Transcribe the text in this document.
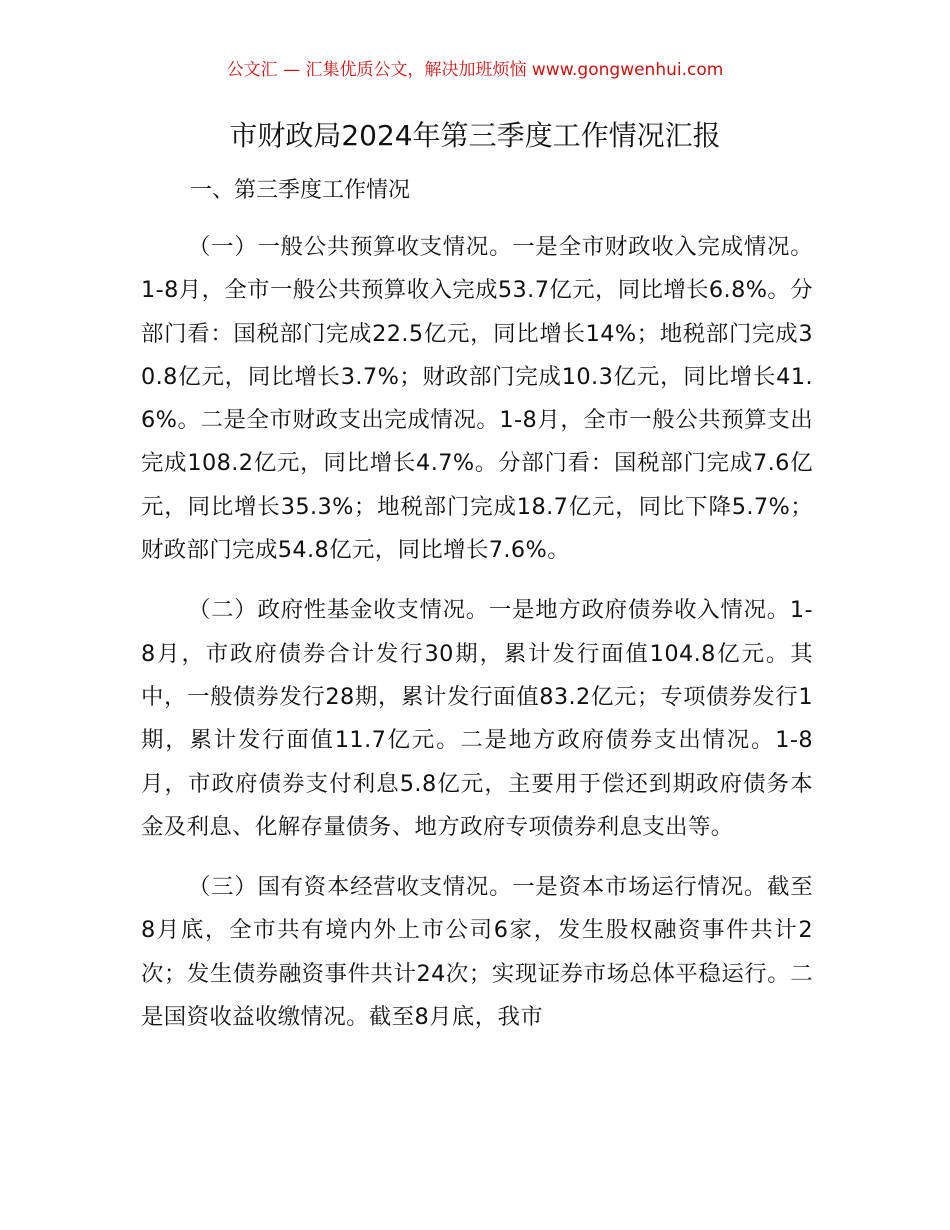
公文汇 — 汇集优质公文，解决加班烦恼 www.gongwenhui.com
市财政局2024年第三季度工作情况汇报
一、第三季度工作情况

（一）一般公共预算收支情况。一是全市财政收入完成情况。1-8月，全市一般公共预算收入完成53.7亿元，同比增长6.8%。分部门看：国税部门完成22.5亿元，同比增长14%；地税部门完成30.8亿元，同比增长3.7%；财政部门完成10.3亿元，同比增长41.6%。二是全市财政支出完成情况。1-8月，全市一般公共预算支出完成108.2亿元，同比增长4.7%。分部门看：国税部门完成7.6亿元，同比增长35.3%；地税部门完成18.7亿元，同比下降5.7%；财政部门完成54.8亿元，同比增长7.6%。

（二）政府性基金收支情况。一是地方政府债券收入情况。1-8月，市政府债券合计发行30期，累计发行面值104.8亿元。其中，一般债券发行28期，累计发行面值83.2亿元；专项债券发行1期，累计发行面值11.7亿元。二是地方政府债券支出情况。1-8月，市政府债券支付利息5.8亿元，主要用于偿还到期政府债务本金及利息、化解存量债务、地方政府专项债券利息支出等。

（三）国有资本经营收支情况。一是资本市场运行情况。截至8月底，全市共有境内外上市公司6家，发生股权融资事件共计2次；发生债券融资事件共计24次；实现证券市场总体平稳运行。二是国资收益收缴情况。截至8月底，我市
